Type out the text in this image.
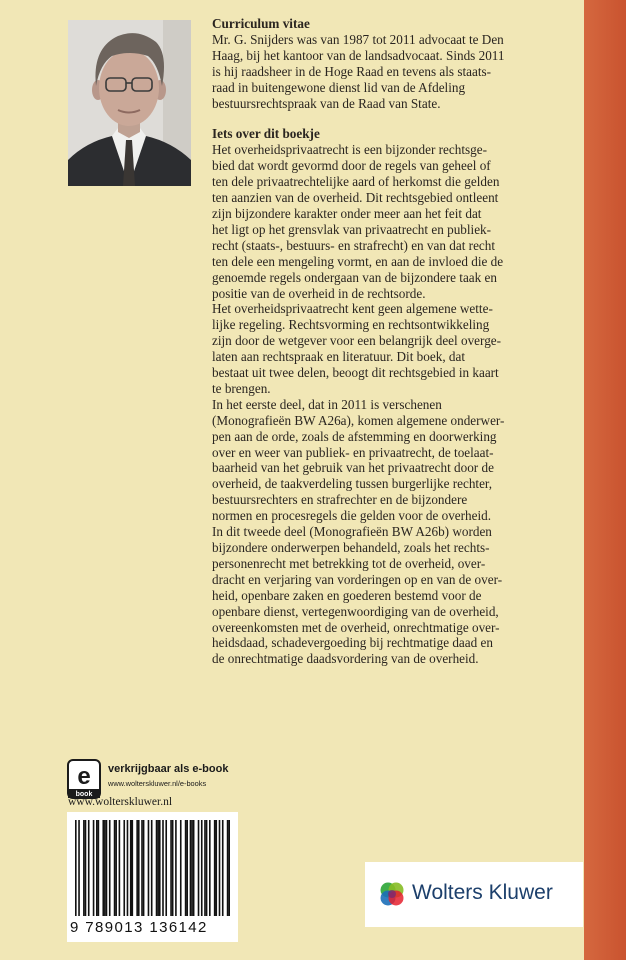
Curriculum vitae

Mr. G. Snijders was van 1987 tot 2011 advocaat te Den
Haag, bij het kantoor van de landsadvocaat. Sinds 2011
is hij raadsheer in de Hoge Raad en tevens als staats-
raad in buitengewone dienst lid van de Afdeling
bestuursrechtspraak van de Raad van State.

Iets over dit boekje

Het overheidsprivaatrecht is een bijzonder rechtsge-
bied dat wordt gevormd door de regels van geheel of
ten dele privaatrechtelijke aard of herkomst die gelden
ten aanzien van de overheid. Dit rechtsgebied ontleent
zijn bijzondere karakter onder meer aan het feit dat
het ligt op het grensvlak van privaatrecht en publiek-
recht (staats-, bestuurs- en strafrecht) en van dat recht
ten dele een mengeling vormt, en aan de invloed die de
genoemde regels ondergaan van de bijzondere taak en
positie van de overheid in de rechtsorde.
Het overheidsprivaatrecht kent geen algemene wette-
lijke regeling. Rechtsvorming en rechtsontwikkeling
zijn door de wetgever voor een belangrijk deel overge-
laten aan rechtspraak en literatuur. Dit boek, dat
bestaat uit twee delen, beoogt dit rechtsgebied in kaart
te brengen.
In het eerste deel, dat in 2011 is verschenen
(Monografieën BW A26a), komen algemene onderwer-
pen aan de orde, zoals de afstemming en doorwerking
over en weer van publiek- en privaatrecht, de toelaat-
baarheid van het gebruik van het privaatrecht door de
overheid, de taakverdeling tussen burgerlijke rechter,
bestuursrechters en strafrechter en de bijzondere
normen en procesregels die gelden voor de overheid.
In dit tweede deel (Monografieën BW A26b) worden
bijzondere onderwerpen behandeld, zoals het rechts-
personenrecht met betrekking tot de overheid, over-
dracht en verjaring van vorderingen op en van de over-
heid, openbare zaken en goederen bestemd voor de
openbare dienst, vertegenwoordiging van de overheid,
overeenkomsten met de overheid, onrechtmatige over-
heidsdaad, schadevergoeding bij rechtmatige daad en
de onrechtmatige daadsvordering van de overheid.

e
book
verkrijgbaar als e-book
www.wolterskluwer.nl/e-books
www.wolterskluwer.nl
9 789013 136142
Wolters Kluwer
